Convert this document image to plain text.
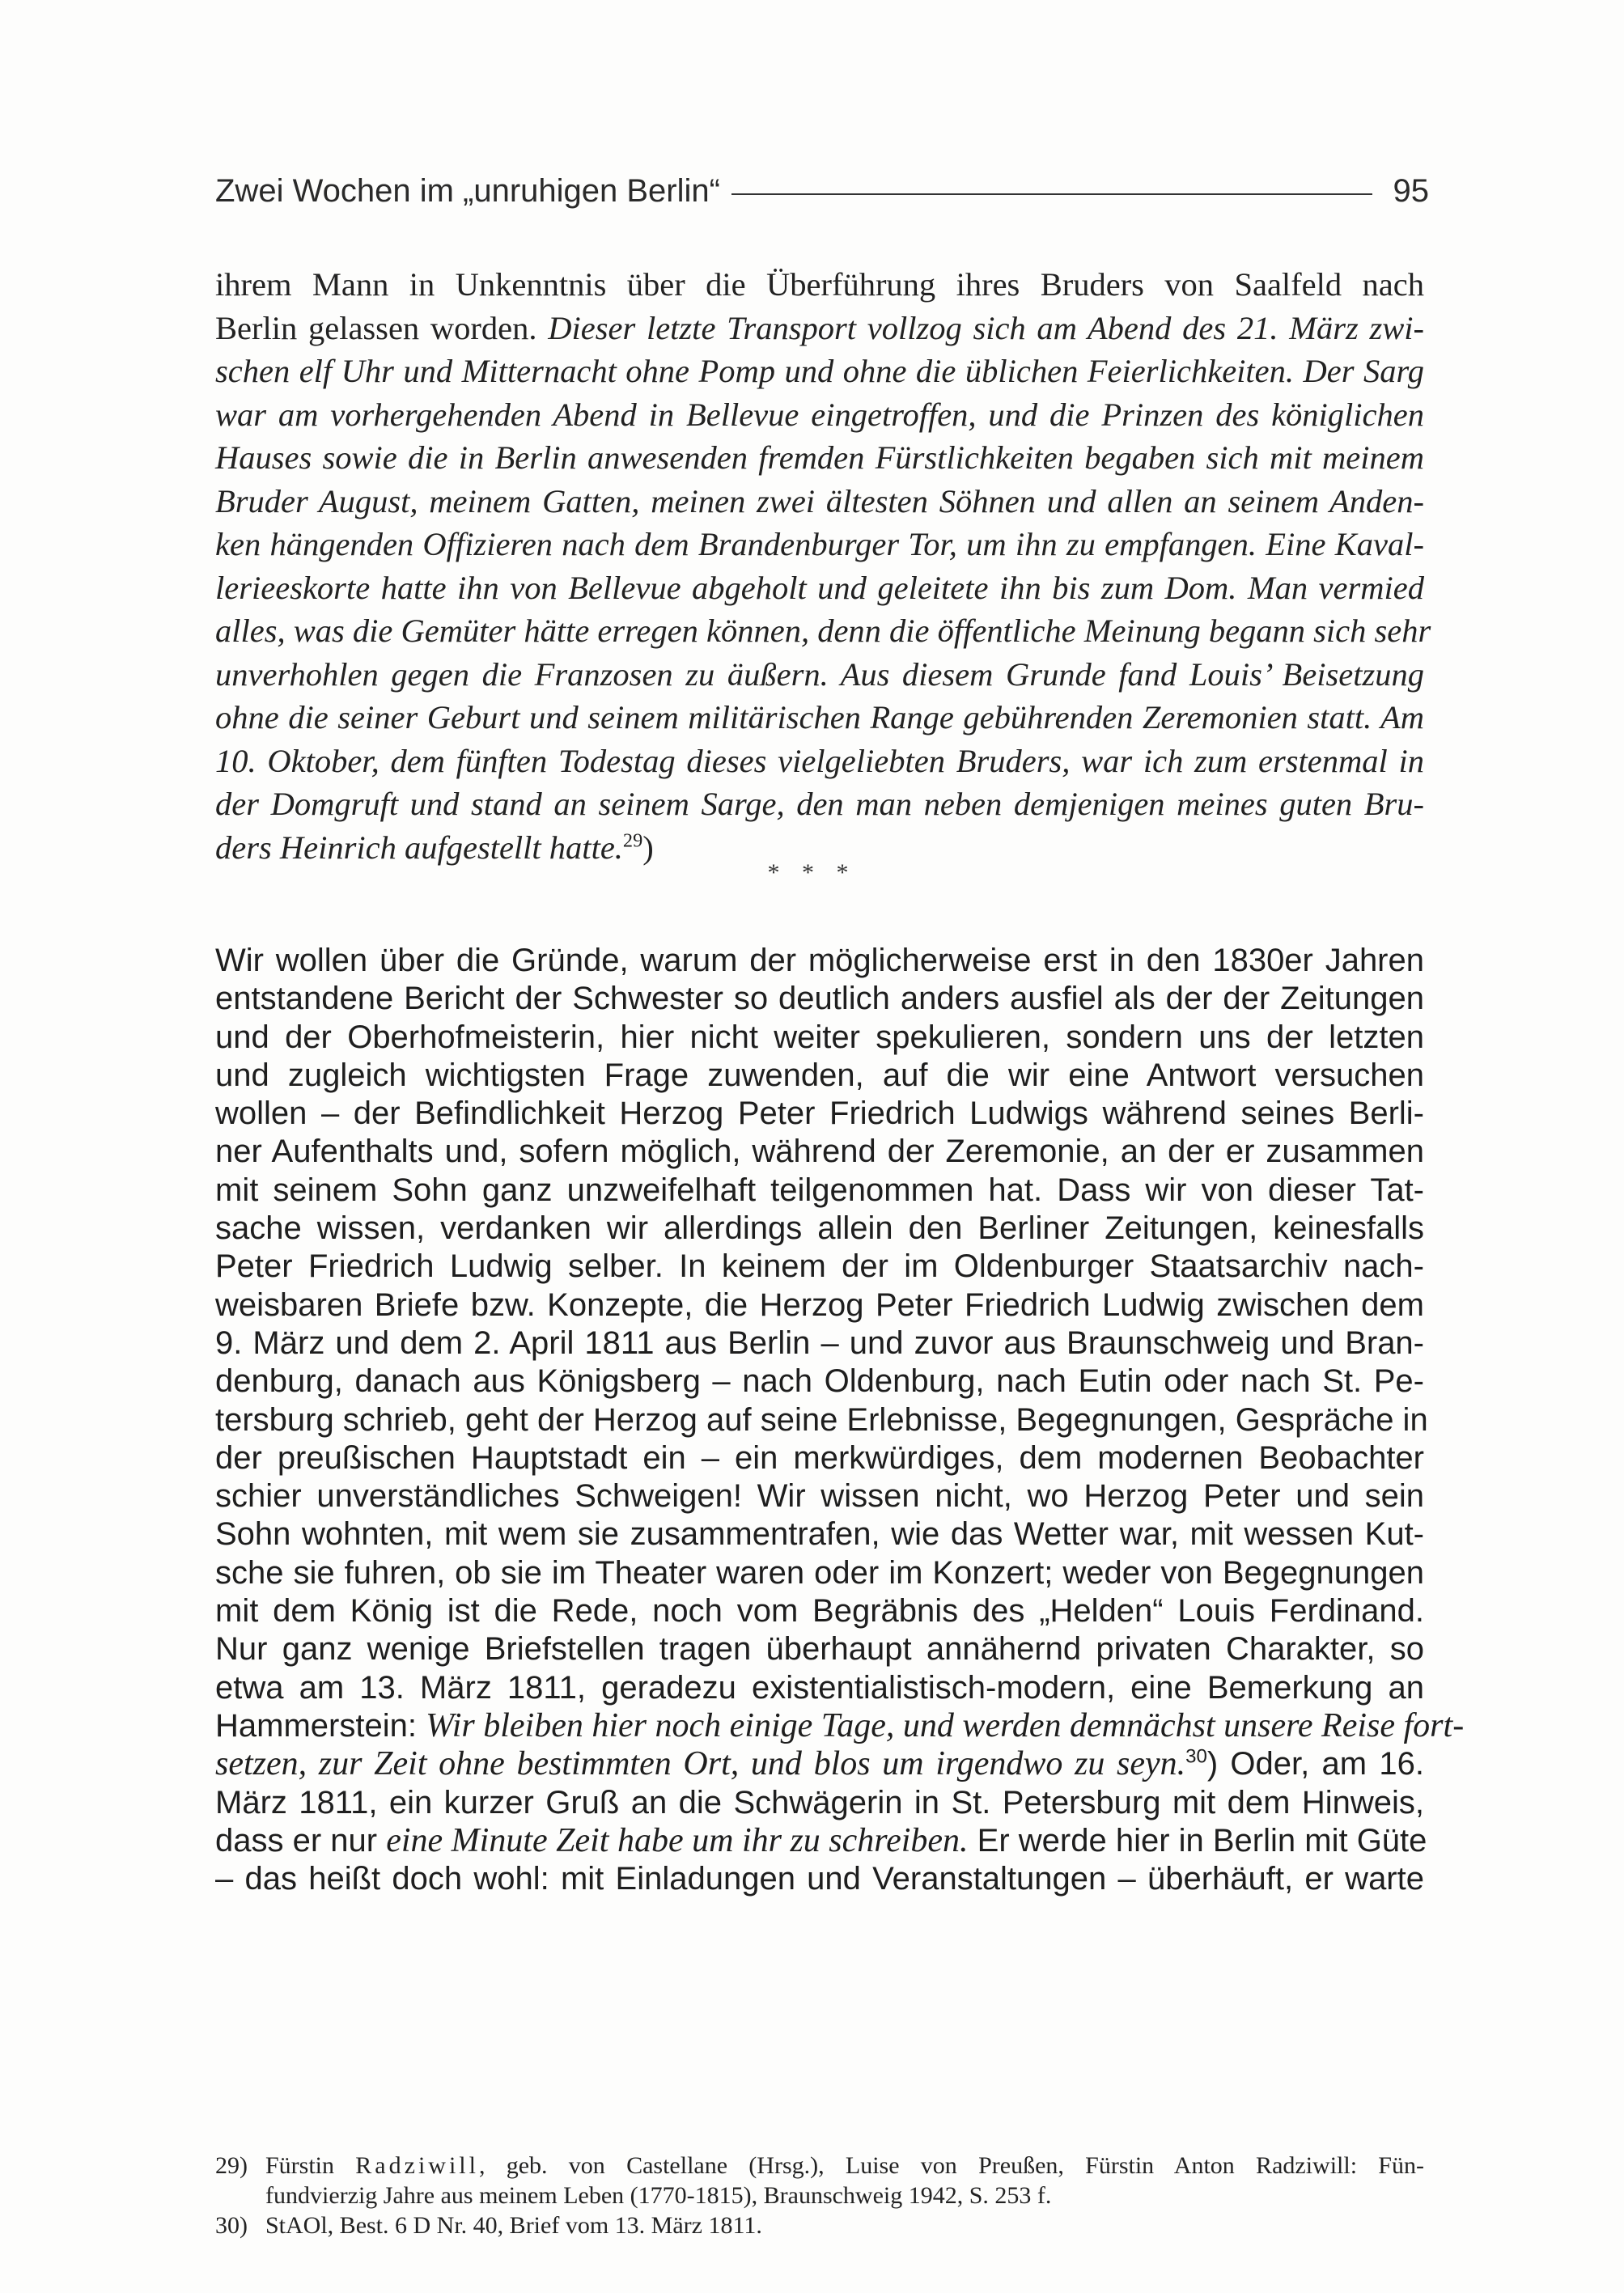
Zwei Wochen im „unruhigen Berlin“	95
ihrem Mann in Unkenntnis über die Überführung ihres Bruders von Saalfeld nach
Berlin gelassen worden. Dieser letzte Transport vollzog sich am Abend des 21. März zwi-
schen elf Uhr und Mitternacht ohne Pomp und ohne die üblichen Feierlichkeiten. Der Sarg
war am vorhergehenden Abend in Bellevue eingetroffen, und die Prinzen des königlichen
Hauses sowie die in Berlin anwesenden fremden Fürstlichkeiten begaben sich mit meinem
Bruder August, meinem Gatten, meinen zwei ältesten Söhnen und allen an seinem Anden-
ken hängenden Offizieren nach dem Brandenburger Tor, um ihn zu empfangen. Eine Kaval-
lerieeskorte hatte ihn von Bellevue abgeholt und geleitete ihn bis zum Dom. Man vermied
alles, was die Gemüter hätte erregen können, denn die öffentliche Meinung begann sich sehr
unverhohlen gegen die Franzosen zu äußern. Aus diesem Grunde fand Louis’ Beisetzung
ohne die seiner Geburt und seinem militärischen Range gebührenden Zeremonien statt. Am
10. Oktober, dem fünften Todestag dieses vielgeliebten Bruders, war ich zum erstenmal in
der Domgruft und stand an seinem Sarge, den man neben demjenigen meines guten Bru-
ders Heinrich aufgestellt hatte.$^{29}$)
* * *
Wir wollen über die Gründe, warum der möglicherweise erst in den 1830er Jahren
entstandene Bericht der Schwester so deutlich anders ausfiel als der der Zeitungen
und der Oberhofmeisterin, hier nicht weiter spekulieren, sondern uns der letzten
und zugleich wichtigsten Frage zuwenden, auf die wir eine Antwort versuchen
wollen – der Befindlichkeit Herzog Peter Friedrich Ludwigs während seines Berli-
ner Aufenthalts und, sofern möglich, während der Zeremonie, an der er zusammen
mit seinem Sohn ganz unzweifelhaft teilgenommen hat. Dass wir von dieser Tat-
sache wissen, verdanken wir allerdings allein den Berliner Zeitungen, keinesfalls
Peter Friedrich Ludwig selber. In keinem der im Oldenburger Staatsarchiv nach-
weisbaren Briefe bzw. Konzepte, die Herzog Peter Friedrich Ludwig zwischen dem
9. März und dem 2. April 1811 aus Berlin – und zuvor aus Braunschweig und Bran-
denburg, danach aus Königsberg – nach Oldenburg, nach Eutin oder nach St. Pe-
tersburg schrieb, geht der Herzog auf seine Erlebnisse, Begegnungen, Gespräche in
der preußischen Hauptstadt ein – ein merkwürdiges, dem modernen Beobachter
schier unverständliches Schweigen! Wir wissen nicht, wo Herzog Peter und sein
Sohn wohnten, mit wem sie zusammentrafen, wie das Wetter war, mit wessen Kut-
sche sie fuhren, ob sie im Theater waren oder im Konzert; weder von Begegnungen
mit dem König ist die Rede, noch vom Begräbnis des „Helden“ Louis Ferdinand.
Nur ganz wenige Briefstellen tragen überhaupt annähernd privaten Charakter, so
etwa am 13. März 1811, geradezu existentialistisch-modern, eine Bemerkung an
Hammerstein: Wir bleiben hier noch einige Tage, und werden demnächst unsere Reise fort-
setzen, zur Zeit ohne bestimmten Ort, und blos um irgendwo zu seyn.$^{30}$) Oder, am 16.
März 1811, ein kurzer Gruß an die Schwägerin in St. Petersburg mit dem Hinweis,
dass er nur eine Minute Zeit habe um ihr zu schreiben. Er werde hier in Berlin mit Güte
– das heißt doch wohl: mit Einladungen und Veranstaltungen – überhäuft, er warte
29) Fürstin Radziwill, geb. von Castellane (Hrsg.), Luise von Preußen, Fürstin Anton Radziwill: Fün-
fundvierzig Jahre aus meinem Leben (1770-1815), Braunschweig 1942, S. 253 f.
30) StAOl, Best. 6 D Nr. 40, Brief vom 13. März 1811.
